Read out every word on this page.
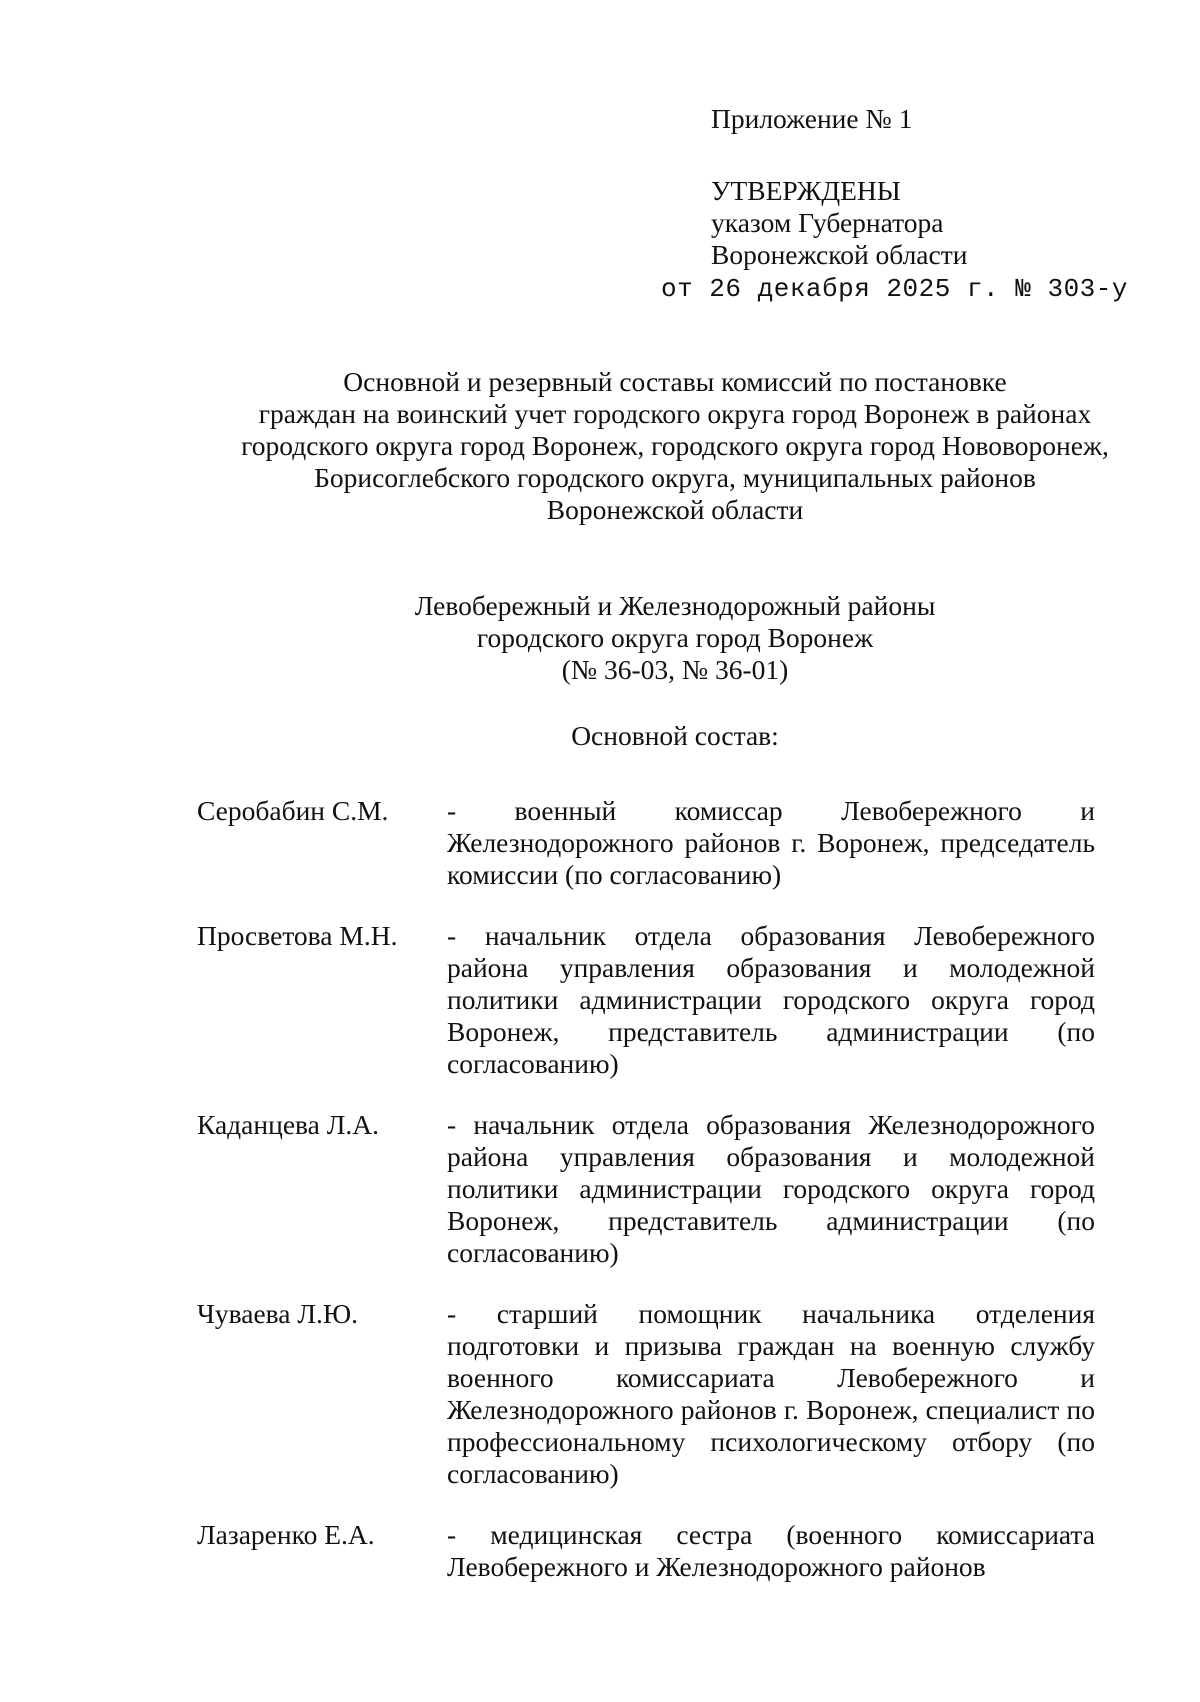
Приложение № 1
УТВЕРЖДЕНЫ
указом Губернатора
Воронежской области
от 26 декабря 2025 г. № 303-у
Основной и резервный составы комиссий по постановке
граждан на воинский учет городского округа город Воронеж в районах
городского округа город Воронеж, городского округа город Нововоронеж,
Борисоглебского городского округа, муниципальных районов
Воронежской области
Левобережный и Железнодорожный районы
городского округа город Воронеж
(№ 36-03, № 36-01)
Основной состав:
Серобабин С.М.	- военный комиссар Левобережного и Железнодорожного районов г. Воронеж, председатель комиссии (по согласованию)
Просветова М.Н.	- начальник отдела образования Левобережного района управления образования и молодежной политики администрации городского округа город Воронеж, представитель администрации (по согласованию)
Каданцева Л.А.	- начальник отдела образования Железнодорожного района управления образования и молодежной политики администрации городского округа город Воронеж, представитель администрации (по согласованию)
Чуваева Л.Ю.	- старший помощник начальника отделения подготовки и призыва граждан на военную службу военного комиссариата Левобережного и Железнодорожного районов г. Воронеж, специалист по профессиональному психологическому отбору (по согласованию)
Лазаренко Е.А.	- медицинская сестра (военного комиссариата Левобережного и Железнодорожного районов
